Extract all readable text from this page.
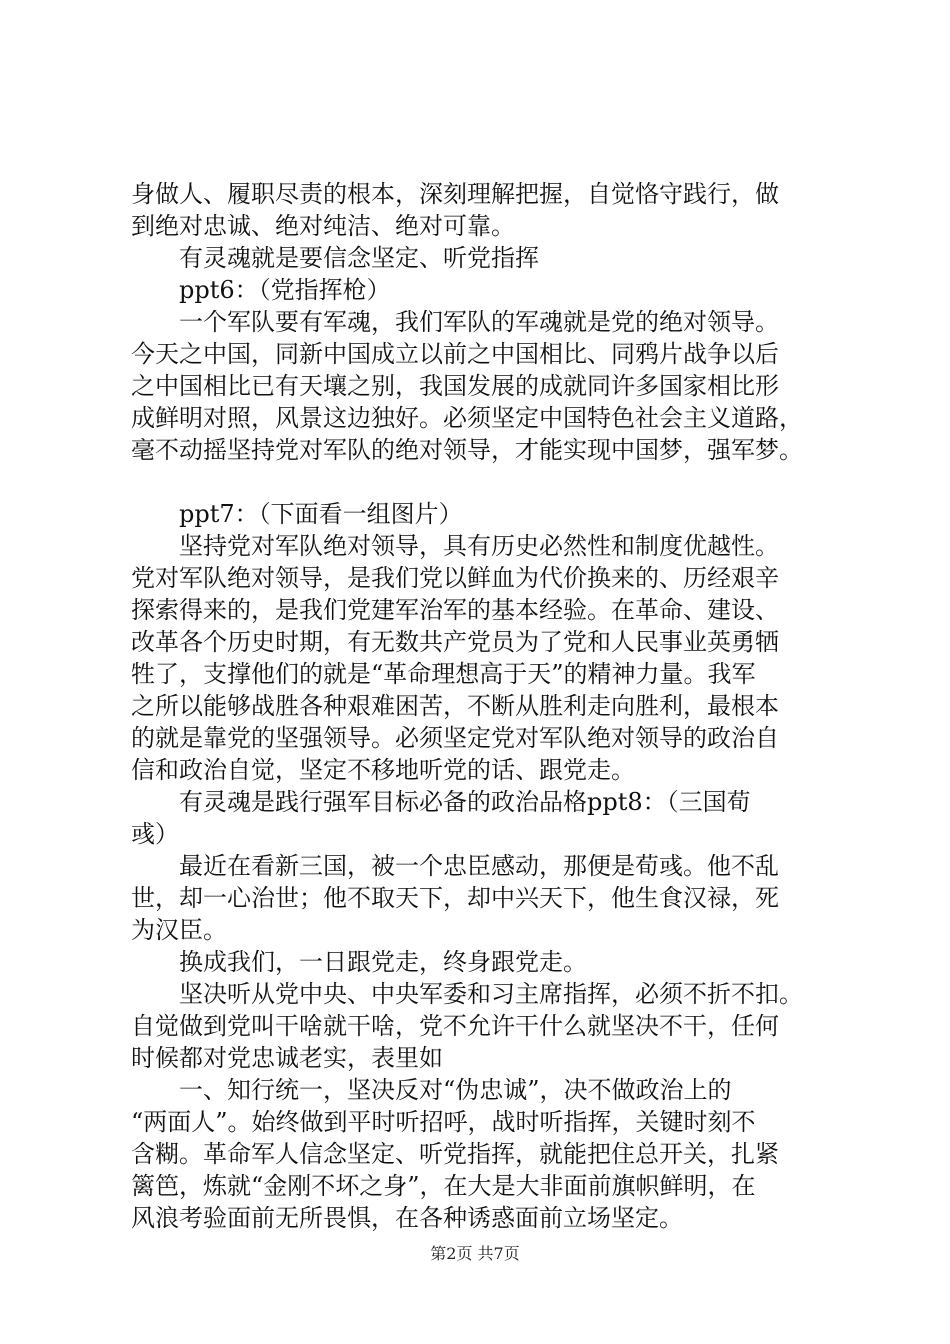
身做人、履职尽责的根本，深刻理解把握，自觉恪守践行，做
到绝对忠诚、绝对纯洁、绝对可靠。
　　有灵魂就是要信念坚定、听党指挥
　　ppt6：（党指挥枪）
　　一个军队要有军魂，我们军队的军魂就是党的绝对领导。
今天之中国，同新中国成立以前之中国相比、同鸦片战争以后
之中国相比已有天壤之别，我国发展的成就同许多国家相比形
成鲜明对照，风景这边独好。必须坚定中国特色社会主义道路，
毫不动摇坚持党对军队的绝对领导，才能实现中国梦，强军梦。
　　ppt7：（下面看一组图片）
　　坚持党对军队绝对领导，具有历史必然性和制度优越性。
党对军队绝对领导，是我们党以鲜血为代价换来的、历经艰辛
探索得来的，是我们党建军治军的基本经验。在革命、建设、
改革各个历史时期，有无数共产党员为了党和人民事业英勇牺
牲了，支撑他们的就是“革命理想高于天”的精神力量。我军
之所以能够战胜各种艰难困苦，不断从胜利走向胜利，最根本
的就是靠党的坚强领导。必须坚定党对军队绝对领导的政治自
信和政治自觉，坚定不移地听党的话、跟党走。
　　有灵魂是践行强军目标必备的政治品格ppt8：（三国荀
彧）
　　最近在看新三国，被一个忠臣感动，那便是荀彧。他不乱
世，却一心治世；他不取天下，却中兴天下，他生食汉禄，死
为汉臣。
　　换成我们，一日跟党走，终身跟党走。
　　坚决听从党中央、中央军委和习主席指挥，必须不折不扣。
自觉做到党叫干啥就干啥，党不允许干什么就坚决不干，任何
时候都对党忠诚老实，表里如
　　一、知行统一，坚决反对“伪忠诚”，决不做政治上的
“两面人”。始终做到平时听招呼，战时听指挥，关键时刻不
含糊。革命军人信念坚定、听党指挥，就能把住总开关，扎紧
篱笆，炼就“金刚不坏之身”，在大是大非面前旗帜鲜明，在
风浪考验面前无所畏惧，在各种诱惑面前立场坚定。
第2页 共7页
